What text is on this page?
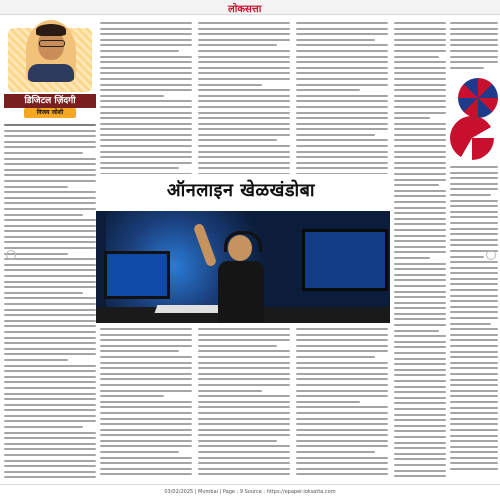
लोकसत्ता
डिजिटल ज़िंदगी
विजय जोशी
ऑनलाइन खेळखंडोबा
03/02/2025 | Mumbai | Page : 9 Source : https://epaper.loksatta.com
